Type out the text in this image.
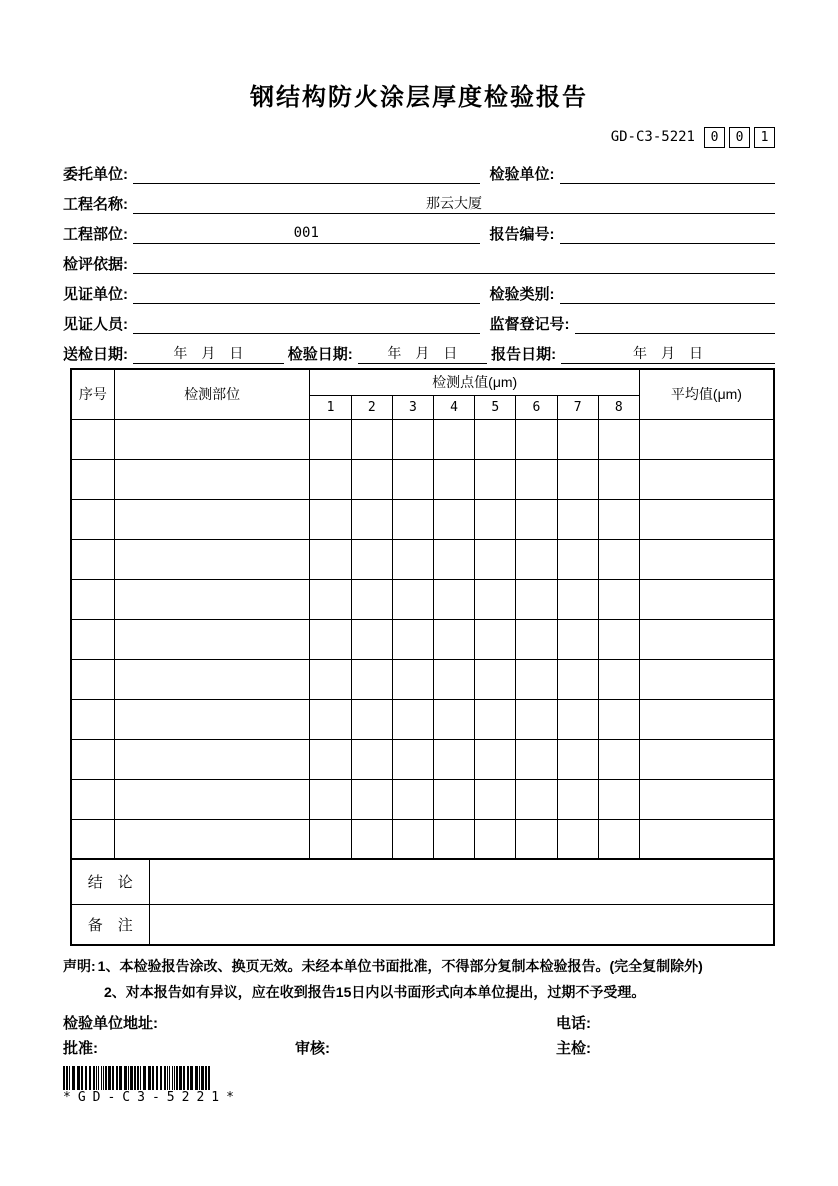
钢结构防火涂层厚度检验报告
GD-C3-5221	0	0	1
委托单位:	检验单位:
工程名称:	那云大厦
工程部位:	001	报告编号:
检评依据:
见证单位:	检验类别:
见证人员:	监督登记号:
送检日期:	年　月　日	检验日期:	年　月　日	报告日期:	年　月　日
序号	检测部位	检测点值(μm)								平均值(μm)
		1	2	3	4	5	6	7	8	

结　论	
备　注	
声明: 1、本检验报告涂改、换页无效。未经本单位书面批准，不得部分复制本检验报告。(完全复制除外)
2、对本报告如有异议，应在收到报告15日内以书面形式向本单位提出，过期不予受理。
检验单位地址:	电话:
批准:	审核:	主检:
*GD-C3-5221*
